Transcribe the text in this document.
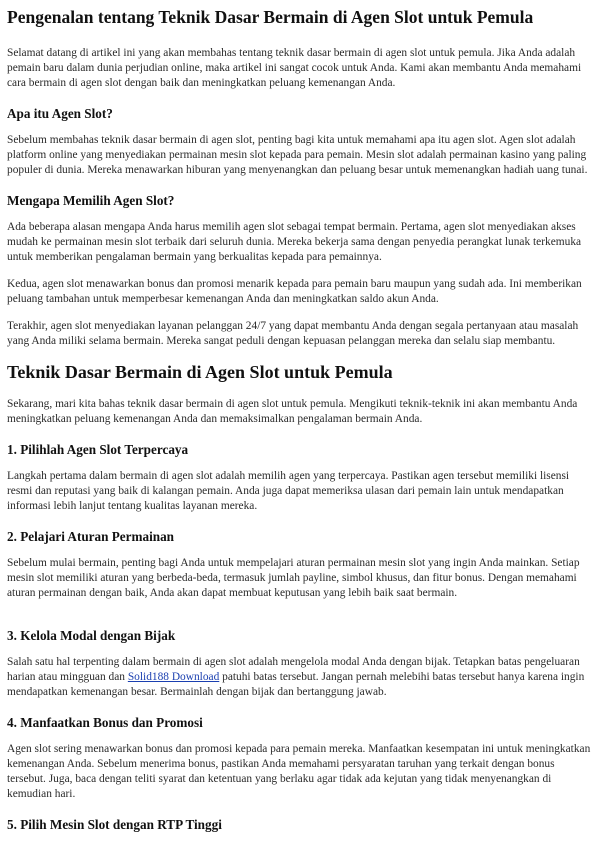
Pengenalan tentang Teknik Dasar Bermain di Agen Slot untuk Pemula

Selamat datang di artikel ini yang akan membahas tentang teknik dasar bermain di agen slot untuk pemula. Jika Anda adalah pemain baru dalam dunia perjudian online, maka artikel ini sangat cocok untuk Anda. Kami akan membantu Anda memahami cara bermain di agen slot dengan baik dan meningkatkan peluang kemenangan Anda.

Apa itu Agen Slot?

Sebelum membahas teknik dasar bermain di agen slot, penting bagi kita untuk memahami apa itu agen slot. Agen slot adalah platform online yang menyediakan permainan mesin slot kepada para pemain. Mesin slot adalah permainan kasino yang paling populer di dunia. Mereka menawarkan hiburan yang menyenangkan dan peluang besar untuk memenangkan hadiah uang tunai.

Mengapa Memilih Agen Slot?

Ada beberapa alasan mengapa Anda harus memilih agen slot sebagai tempat bermain. Pertama, agen slot menyediakan akses mudah ke permainan mesin slot terbaik dari seluruh dunia. Mereka bekerja sama dengan penyedia perangkat lunak terkemuka untuk memberikan pengalaman bermain yang berkualitas kepada para pemainnya.

Kedua, agen slot menawarkan bonus dan promosi menarik kepada para pemain baru maupun yang sudah ada. Ini memberikan peluang tambahan untuk memperbesar kemenangan Anda dan meningkatkan saldo akun Anda.

Terakhir, agen slot menyediakan layanan pelanggan 24/7 yang dapat membantu Anda dengan segala pertanyaan atau masalah yang Anda miliki selama bermain. Mereka sangat peduli dengan kepuasan pelanggan mereka dan selalu siap membantu.

Teknik Dasar Bermain di Agen Slot untuk Pemula

Sekarang, mari kita bahas teknik dasar bermain di agen slot untuk pemula. Mengikuti teknik-teknik ini akan membantu Anda meningkatkan peluang kemenangan Anda dan memaksimalkan pengalaman bermain Anda.

1. Pilihlah Agen Slot Terpercaya

Langkah pertama dalam bermain di agen slot adalah memilih agen yang terpercaya. Pastikan agen tersebut memiliki lisensi resmi dan reputasi yang baik di kalangan pemain. Anda juga dapat memeriksa ulasan dari pemain lain untuk mendapatkan informasi lebih lanjut tentang kualitas layanan mereka.

2. Pelajari Aturan Permainan

Sebelum mulai bermain, penting bagi Anda untuk mempelajari aturan permainan mesin slot yang ingin Anda mainkan. Setiap mesin slot memiliki aturan yang berbeda-beda, termasuk jumlah payline, simbol khusus, dan fitur bonus. Dengan memahami aturan permainan dengan baik, Anda akan dapat membuat keputusan yang lebih baik saat bermain.

3. Kelola Modal dengan Bijak

Salah satu hal terpenting dalam bermain di agen slot adalah mengelola modal Anda dengan bijak. Tetapkan batas pengeluaran harian atau mingguan dan Solid188 Download patuhi batas tersebut. Jangan pernah melebihi batas tersebut hanya karena ingin mendapatkan kemenangan besar. Bermainlah dengan bijak dan bertanggung jawab.

4. Manfaatkan Bonus dan Promosi

Agen slot sering menawarkan bonus dan promosi kepada para pemain mereka. Manfaatkan kesempatan ini untuk meningkatkan kemenangan Anda. Sebelum menerima bonus, pastikan Anda memahami persyaratan taruhan yang terkait dengan bonus tersebut. Juga, baca dengan teliti syarat dan ketentuan yang berlaku agar tidak ada kejutan yang tidak menyenangkan di kemudian hari.

5. Pilih Mesin Slot dengan RTP Tinggi
